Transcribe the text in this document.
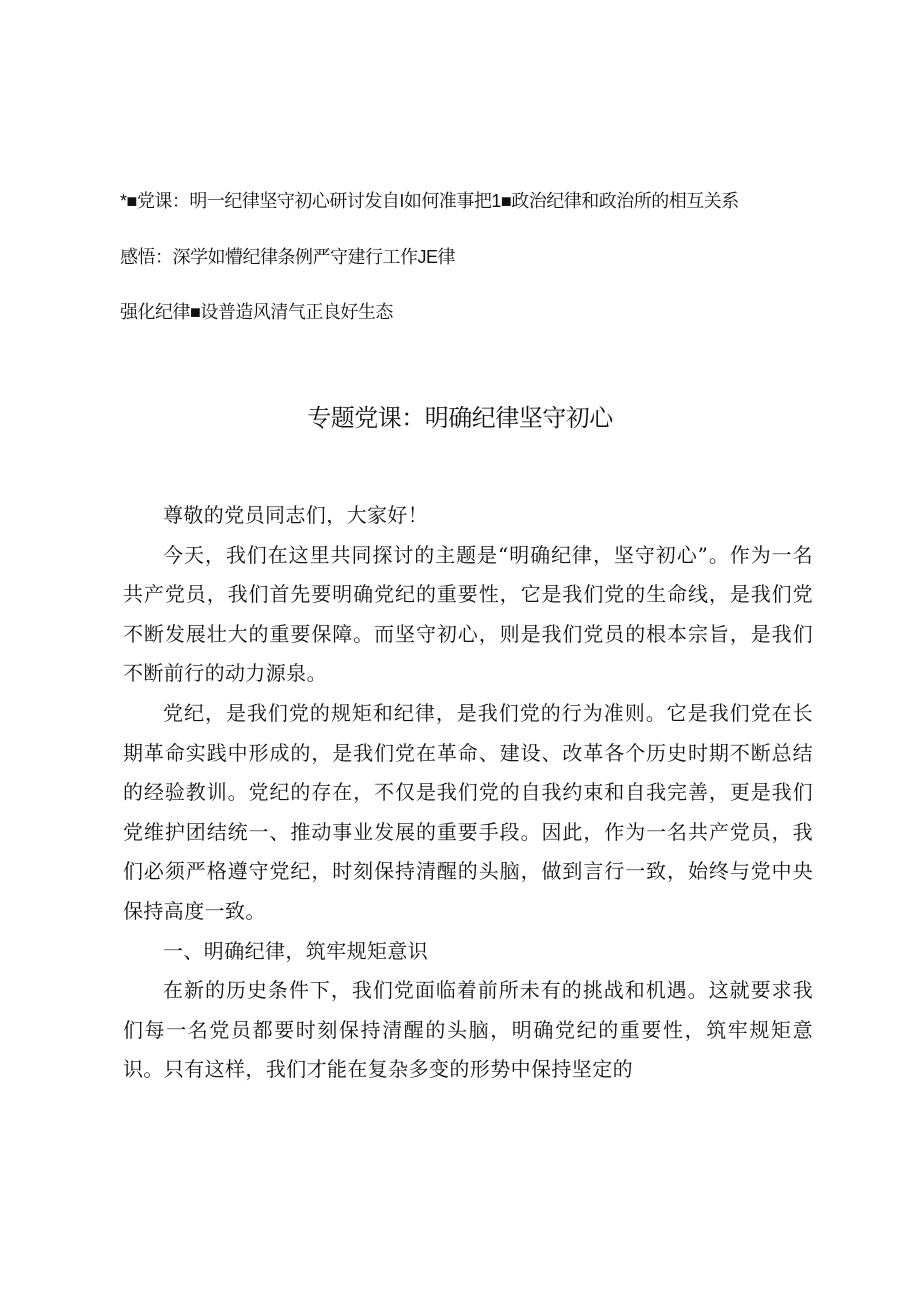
*■党课：明一纪律坚守初心研讨发自I如何准事把1■政治纪律和政治所的相互关系
感悟：深学如懵纪律条例严守建行工作JE律
强化纪律■设普造风清气正良好生态
专题党课：明确纪律坚守初心

尊敬的党员同志们，大家好！

今天，我们在这里共同探讨的主题是“明确纪律，坚守初心”。作为一名共产党员，我们首先要明确党纪的重要性，它是我们党的生命线，是我们党不断发展壮大的重要保障。而坚守初心，则是我们党员的根本宗旨，是我们不断前行的动力源泉。

党纪，是我们党的规矩和纪律，是我们党的行为准则。它是我们党在长期革命实践中形成的，是我们党在革命、建设、改革各个历史时期不断总结的经验教训。党纪的存在，不仅是我们党的自我约束和自我完善，更是我们党维护团结统一、推动事业发展的重要手段。因此，作为一名共产党员，我们必须严格遵守党纪，时刻保持清醒的头脑，做到言行一致，始终与党中央保持高度一致。

一、明确纪律，筑牢规矩意识

在新的历史条件下，我们党面临着前所未有的挑战和机遇。这就要求我们每一名党员都要时刻保持清醒的头脑，明确党纪的重要性，筑牢规矩意识。只有这样，我们才能在复杂多变的形势中保持坚定的
